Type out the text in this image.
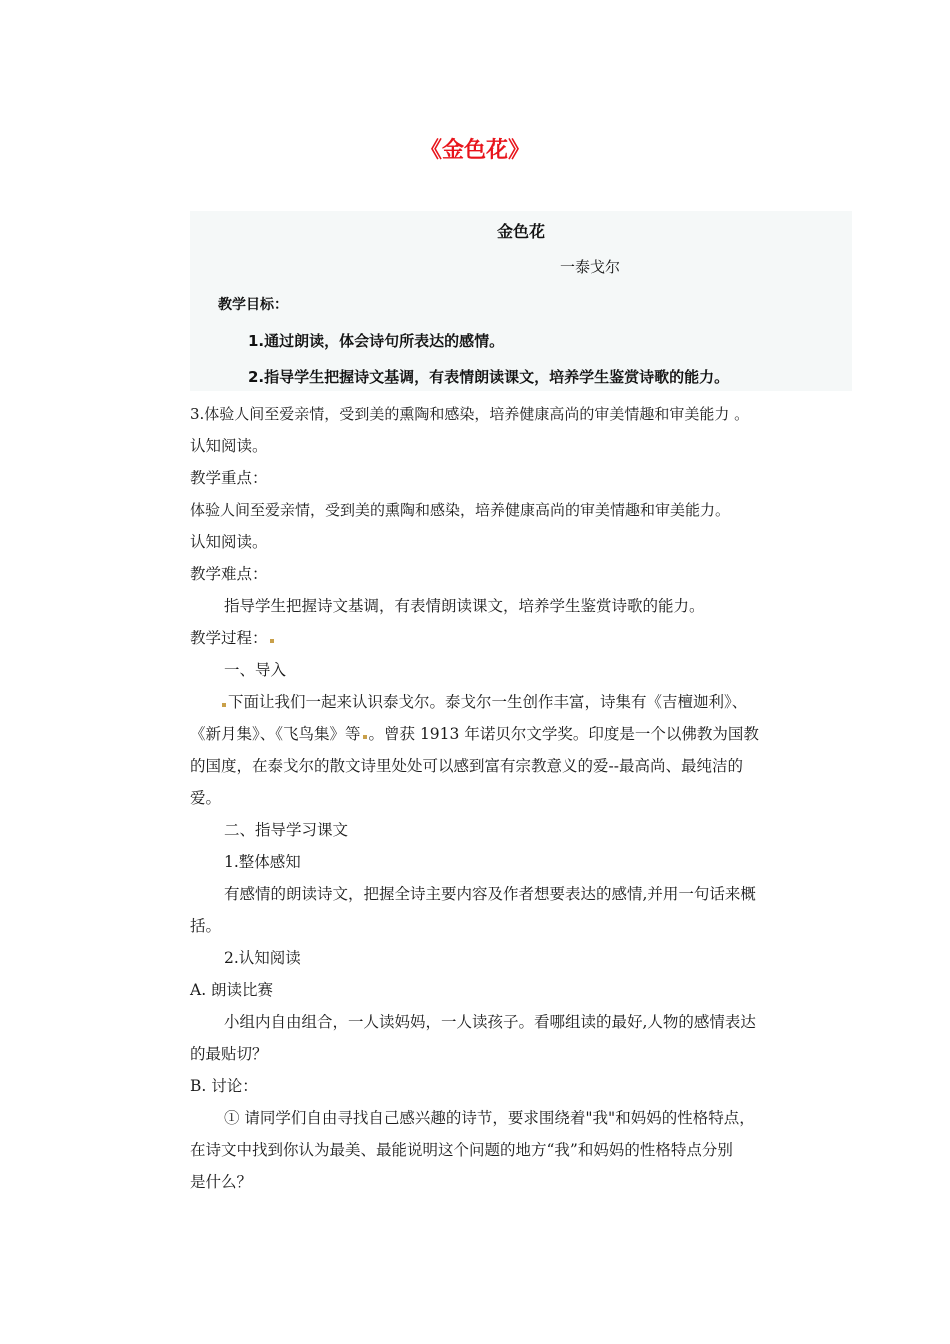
《金色花》
金色花
一泰戈尔
教学目标：
1.通过朗读，体会诗句所表达的感情。
2.指导学生把握诗文基调，有表情朗读课文，培养学生鉴赏诗歌的能力。
3.体验人间至爱亲情，受到美的熏陶和感染，培养健康高尚的审美情趣和审美能力 。
认知阅读。
教学重点：
体验人间至爱亲情，受到美的熏陶和感染，培养健康高尚的审美情趣和审美能力。
认知阅读。
教学难点：
指导学生把握诗文基调，有表情朗读课文，培养学生鉴赏诗歌的能力。
教学过程：
一、导入
下面让我们一起来认识泰戈尔。泰戈尔一生创作丰富，诗集有《吉檀迦利》、
《新月集》、《飞鸟集》等 。曾获 1913 年诺贝尔文学奖。印度是一个以佛教为国教
的国度，在泰戈尔的散文诗里处处可以感到富有宗教意义的爱--最高尚、最纯洁的
爱。
二、指导学习课文
1.整体感知
有感情的朗读诗文，把握全诗主要内容及作者想要表达的感情,并用一句话来概
括。
2.认知阅读
A. 朗读比赛
小组内自由组合，一人读妈妈，一人读孩子。看哪组读的最好,人物的感情表达
的最贴切？
B. 讨论：
① 请同学们自由寻找自己感兴趣的诗节，要求围绕着"我"和妈妈的性格特点，
在诗文中找到你认为最美、最能说明这个问题的地方“我”和妈妈的性格特点分别
是什么？
